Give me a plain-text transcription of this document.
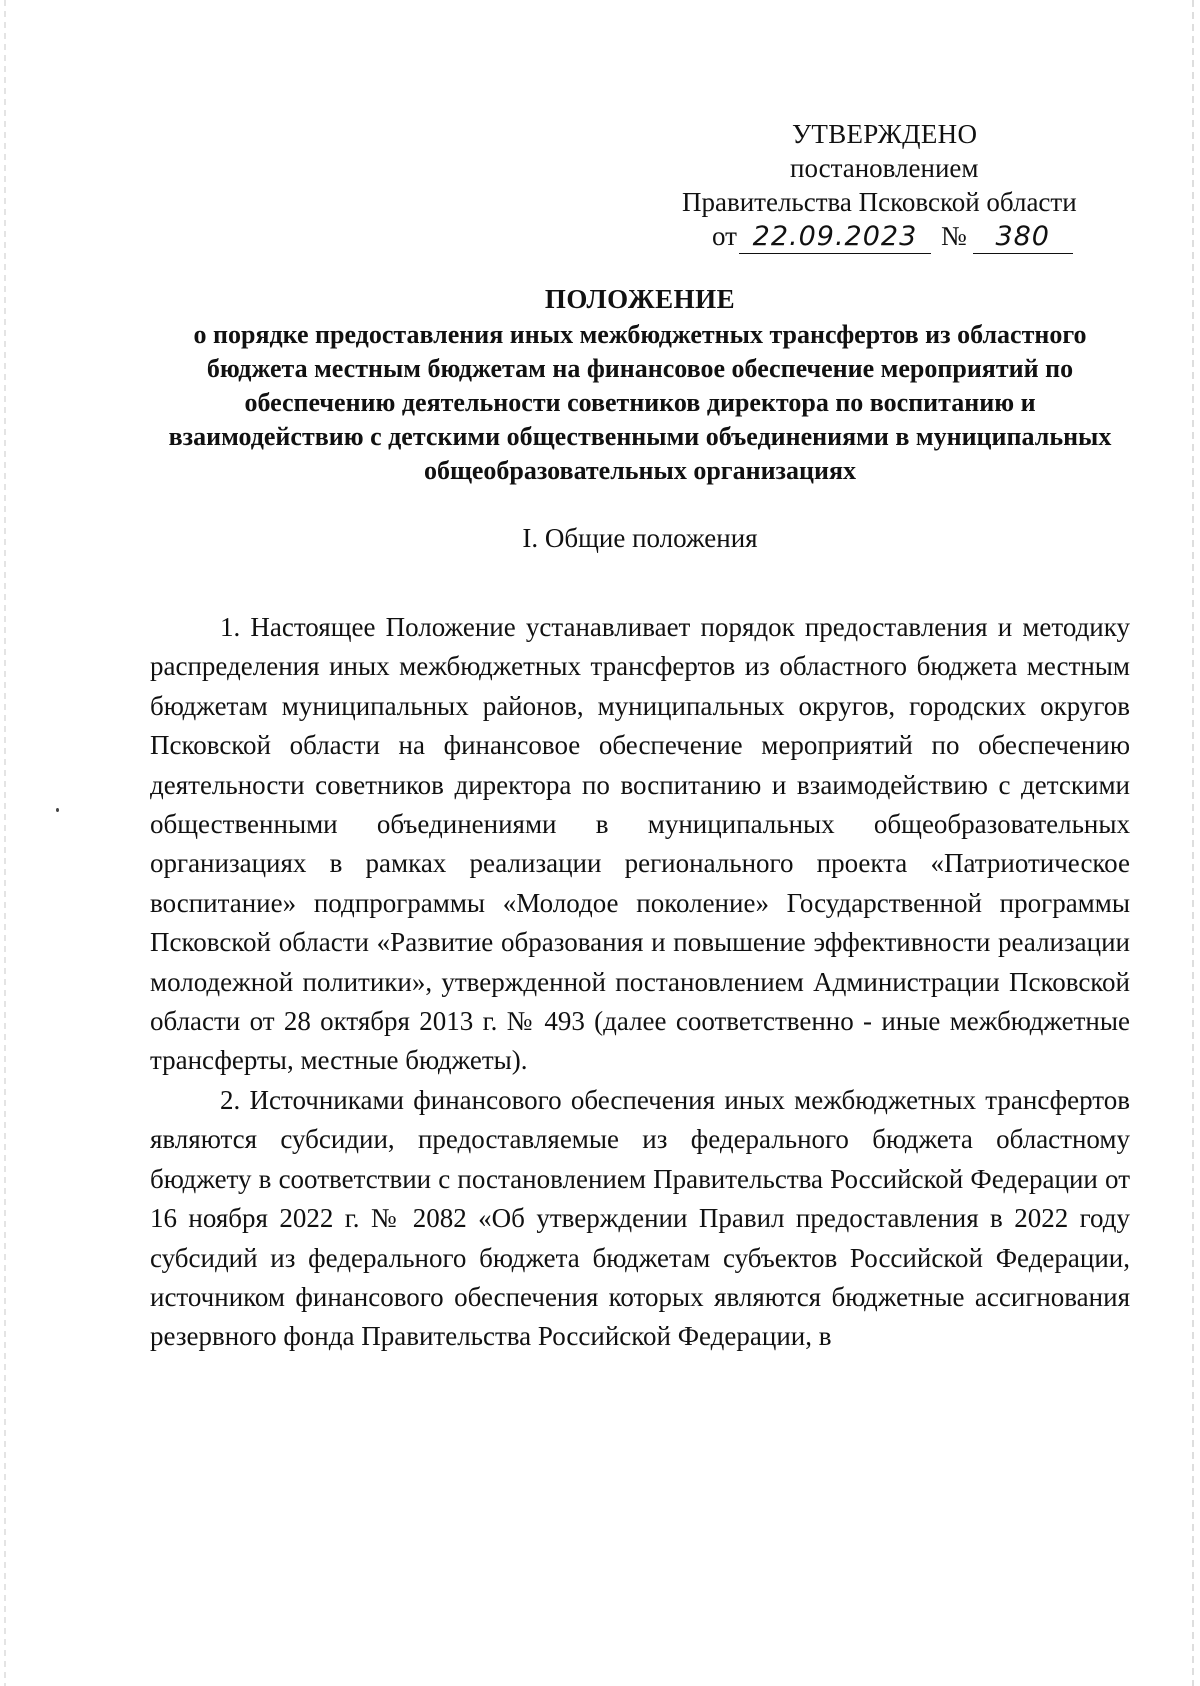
УТВЕРЖДЕНО
постановлением
Правительства Псковской области
от 22.09.2023 № 380
ПОЛОЖЕНИЕ
о порядке предоставления иных межбюджетных трансфертов из областного бюджета местным бюджетам на финансовое обеспечение мероприятий по обеспечению деятельности советников директора по воспитанию и взаимодействию с детскими общественными объединениями в муниципальных общеобразовательных организациях
I. Общие положения

1. Настоящее Положение устанавливает порядок предоставления и методику распределения иных межбюджетных трансфертов из областного бюджета местным бюджетам муниципальных районов, муниципальных округов, городских округов Псковской области на финансовое обеспечение мероприятий по обеспечению деятельности советников директора по воспитанию и взаимодействию с детскими общественными объединениями в муниципальных общеобразовательных организациях в рамках реализации регионального проекта «Патриотическое воспитание» подпрограммы «Молодое поколение» Государственной программы Псковской области «Развитие образования и повышение эффективности реализации молодежной политики», утвержденной постановлением Администрации Псковской области от 28 октября 2013 г. № 493 (далее соответственно - иные межбюджетные трансферты, местные бюджеты).

2. Источниками финансового обеспечения иных межбюджетных трансфертов являются субсидии, предоставляемые из федерального бюджета областному бюджету в соответствии с постановлением Правительства Российской Федерации от 16 ноября 2022 г. № 2082 «Об утверждении Правил предоставления в 2022 году субсидий из федерального бюджета бюджетам субъектов Российской Федерации, источником финансового обеспечения которых являются бюджетные ассигнования резервного фонда Правительства Российской Федерации, в
